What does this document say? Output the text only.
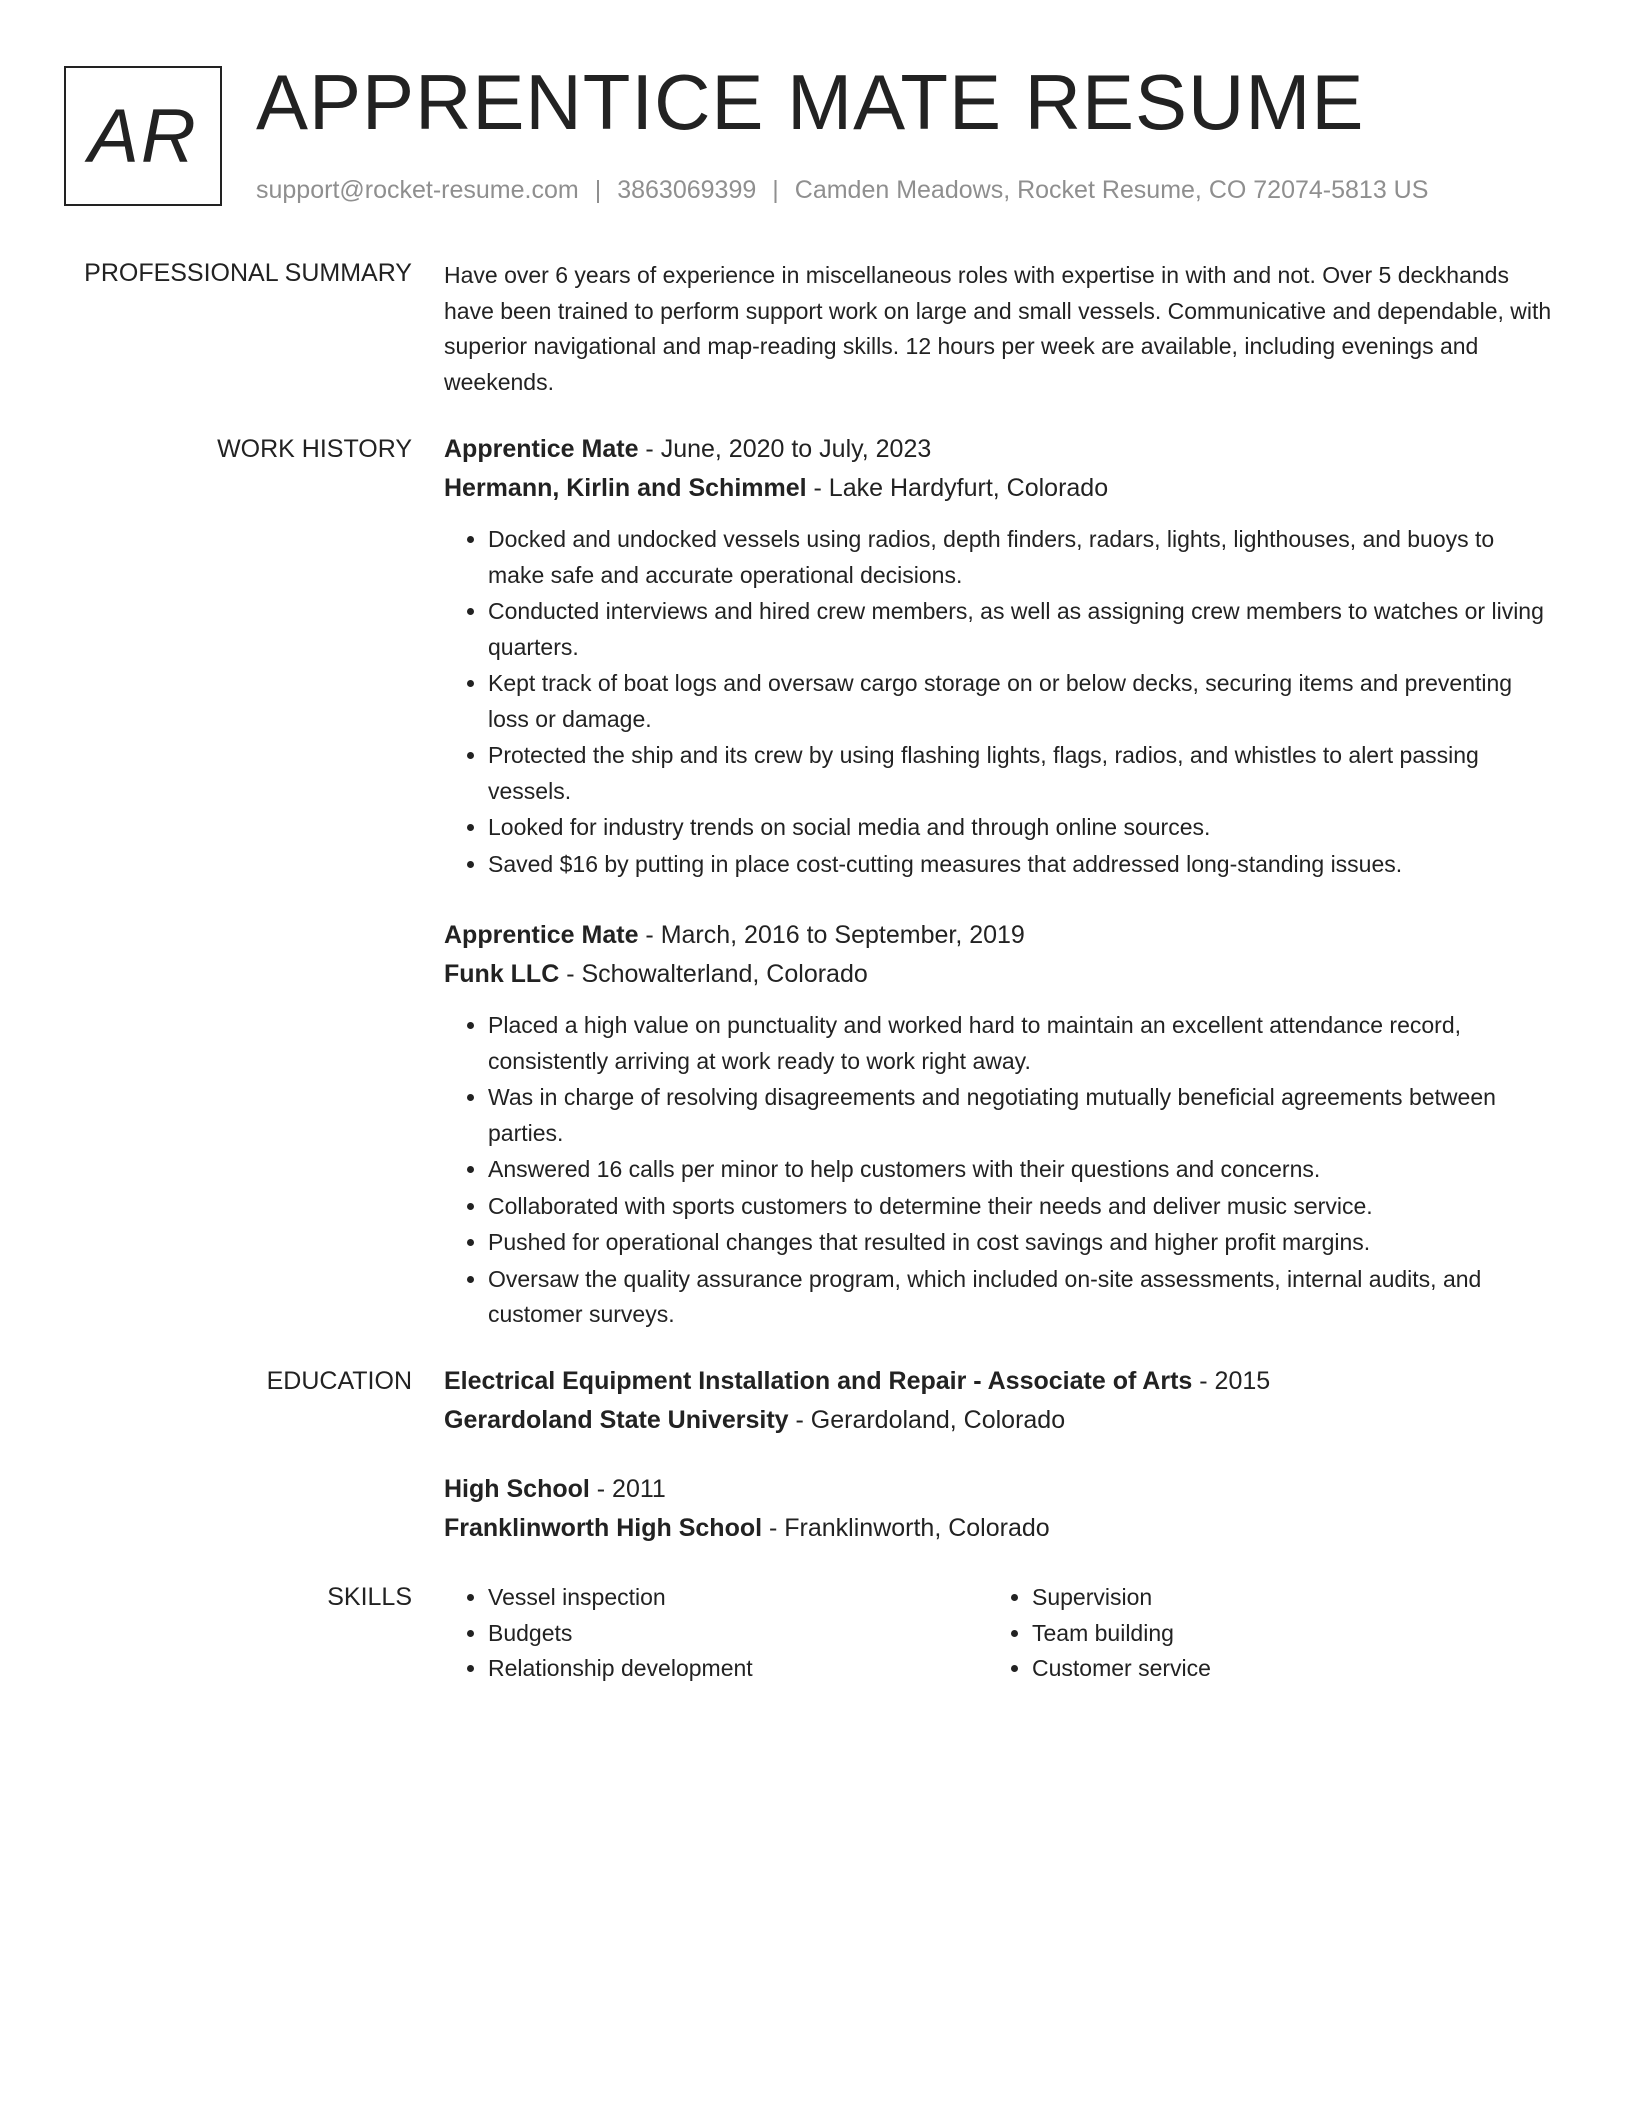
AR APPRENTICE MATE RESUME
support@rocket-resume.com | 3863069399 | Camden Meadows, Rocket Resume, CO 72074-5813 US
PROFESSIONAL SUMMARY Have over 6 years of experience in miscellaneous roles with expertise in with and not. Over 5 deckhands have been trained to perform support work on large and small vessels. Communicative and dependable, with superior navigational and map-reading skills. 12 hours per week are available, including evenings and weekends.

WORK HISTORY Apprentice Mate - June, 2020 to July, 2023
Hermann, Kirlin and Schimmel - Lake Hardyfurt, Colorado
• Docked and undocked vessels using radios, depth finders, radars, lights, lighthouses, and buoys to make safe and accurate operational decisions.
• Conducted interviews and hired crew members, as well as assigning crew members to watches or living quarters.
• Kept track of boat logs and oversaw cargo storage on or below decks, securing items and preventing loss or damage.
• Protected the ship and its crew by using flashing lights, flags, radios, and whistles to alert passing vessels.
• Looked for industry trends on social media and through online sources.
• Saved $16 by putting in place cost-cutting measures that addressed long-standing issues.
Apprentice Mate - March, 2016 to September, 2019
Funk LLC - Schowalterland, Colorado
• Placed a high value on punctuality and worked hard to maintain an excellent attendance record, consistently arriving at work ready to work right away.
• Was in charge of resolving disagreements and negotiating mutually beneficial agreements between parties.
• Answered 16 calls per minor to help customers with their questions and concerns.
• Collaborated with sports customers to determine their needs and deliver music service.
• Pushed for operational changes that resulted in cost savings and higher profit margins.
• Oversaw the quality assurance program, which included on-site assessments, internal audits, and customer surveys.
EDUCATION Electrical Equipment Installation and Repair - Associate of Arts - 2015
Gerardoland State University - Gerardoland, Colorado
High School - 2011
Franklinworth High School - Franklinworth, Colorado
SKILLS
•	Vessel inspection
• Budgets
• Relationship development
• Supervision
• Team building
• Customer service
